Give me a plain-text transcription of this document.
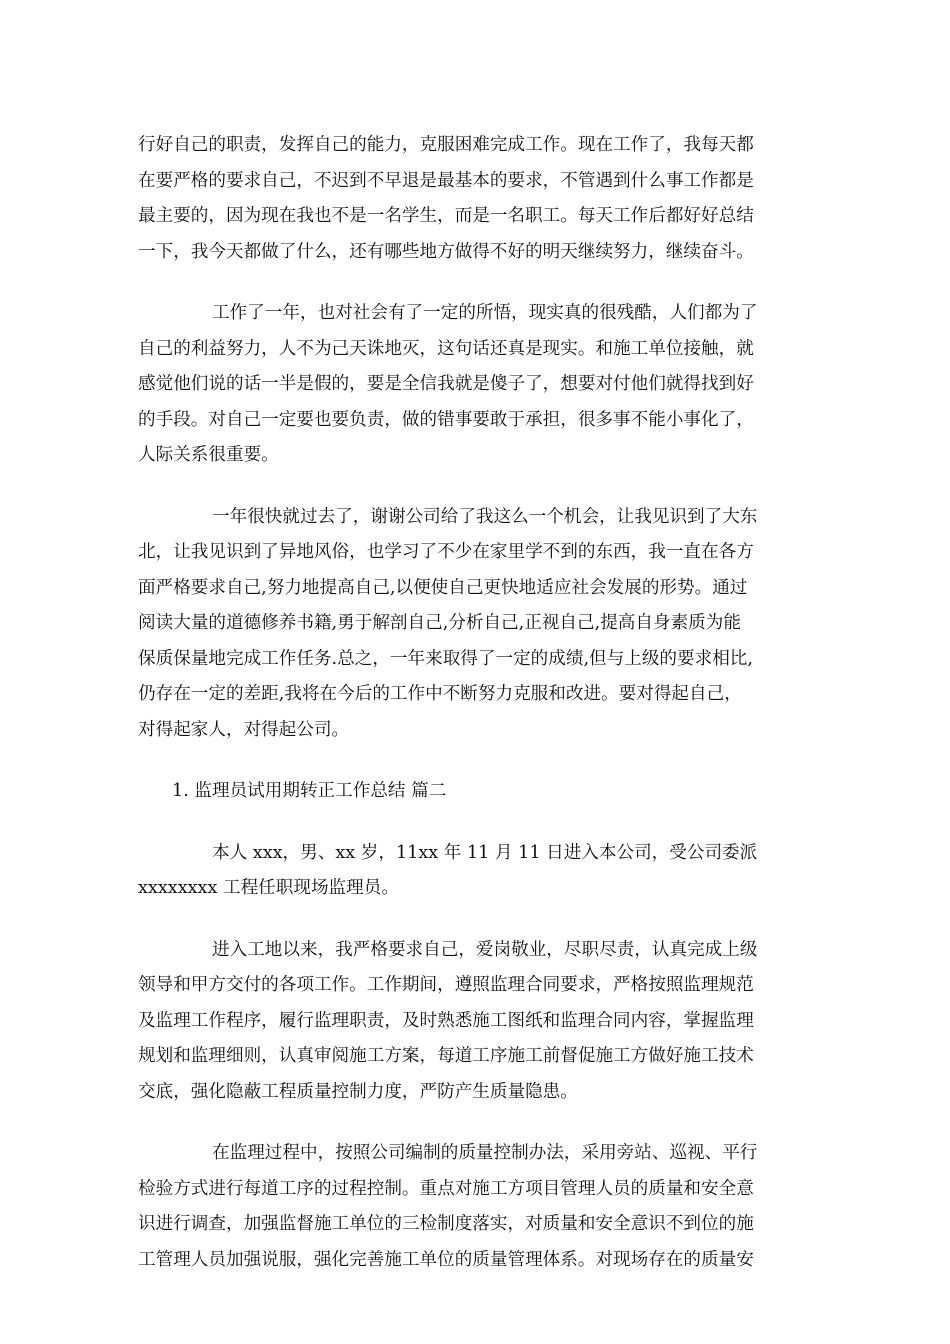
行好自己的职责，发挥自己的能力，克服困难完成工作。现在工作了，我每天都
在要严格的要求自己，不迟到不早退是最基本的要求，不管遇到什么事工作都是
最主要的，因为现在我也不是一名学生，而是一名职工。每天工作后都好好总结
一下，我今天都做了什么，还有哪些地方做得不好的明天继续努力，继续奋斗。
工作了一年，也对社会有了一定的所悟，现实真的很残酷，人们都为了
自己的利益努力，人不为己天诛地灭，这句话还真是现实。和施工单位接触，就
感觉他们说的话一半是假的，要是全信我就是傻子了，想要对付他们就得找到好
的手段。对自己一定要也要负责，做的错事要敢于承担，很多事不能小事化了，
人际关系很重要。
一年很快就过去了，谢谢公司给了我这么一个机会，让我见识到了大东
北，让我见识到了异地风俗，也学习了不少在家里学不到的东西，我一直在各方
面严格要求自己,努力地提高自己,以便使自己更快地适应社会发展的形势。通过
阅读大量的道德修养书籍,勇于解剖自己,分析自己,正视自己,提高自身素质为能
保质保量地完成工作任务.总之，一年来取得了一定的成绩,但与上级的要求相比,
仍存在一定的差距,我将在今后的工作中不断努力克服和改进。要对得起自己，
对得起家人，对得起公司。
1. 监理员试用期转正工作总结 篇二
本人 xxx，男、xx 岁，11xx 年 11 月 11 日进入本公司，受公司委派
xxxxxxxx 工程任职现场监理员。
进入工地以来，我严格要求自己，爱岗敬业，尽职尽责，认真完成上级
领导和甲方交付的各项工作。工作期间，遵照监理合同要求，严格按照监理规范
及监理工作程序，履行监理职责，及时熟悉施工图纸和监理合同内容，掌握监理
规划和监理细则，认真审阅施工方案，每道工序施工前督促施工方做好施工技术
交底，强化隐蔽工程质量控制力度，严防产生质量隐患。
在监理过程中，按照公司编制的质量控制办法，采用旁站、巡视、平行
检验方式进行每道工序的过程控制。重点对施工方项目管理人员的质量和安全意
识进行调查，加强监督施工单位的三检制度落实，对质量和安全意识不到位的施
工管理人员加强说服，强化完善施工单位的质量管理体系。对现场存在的质量安
